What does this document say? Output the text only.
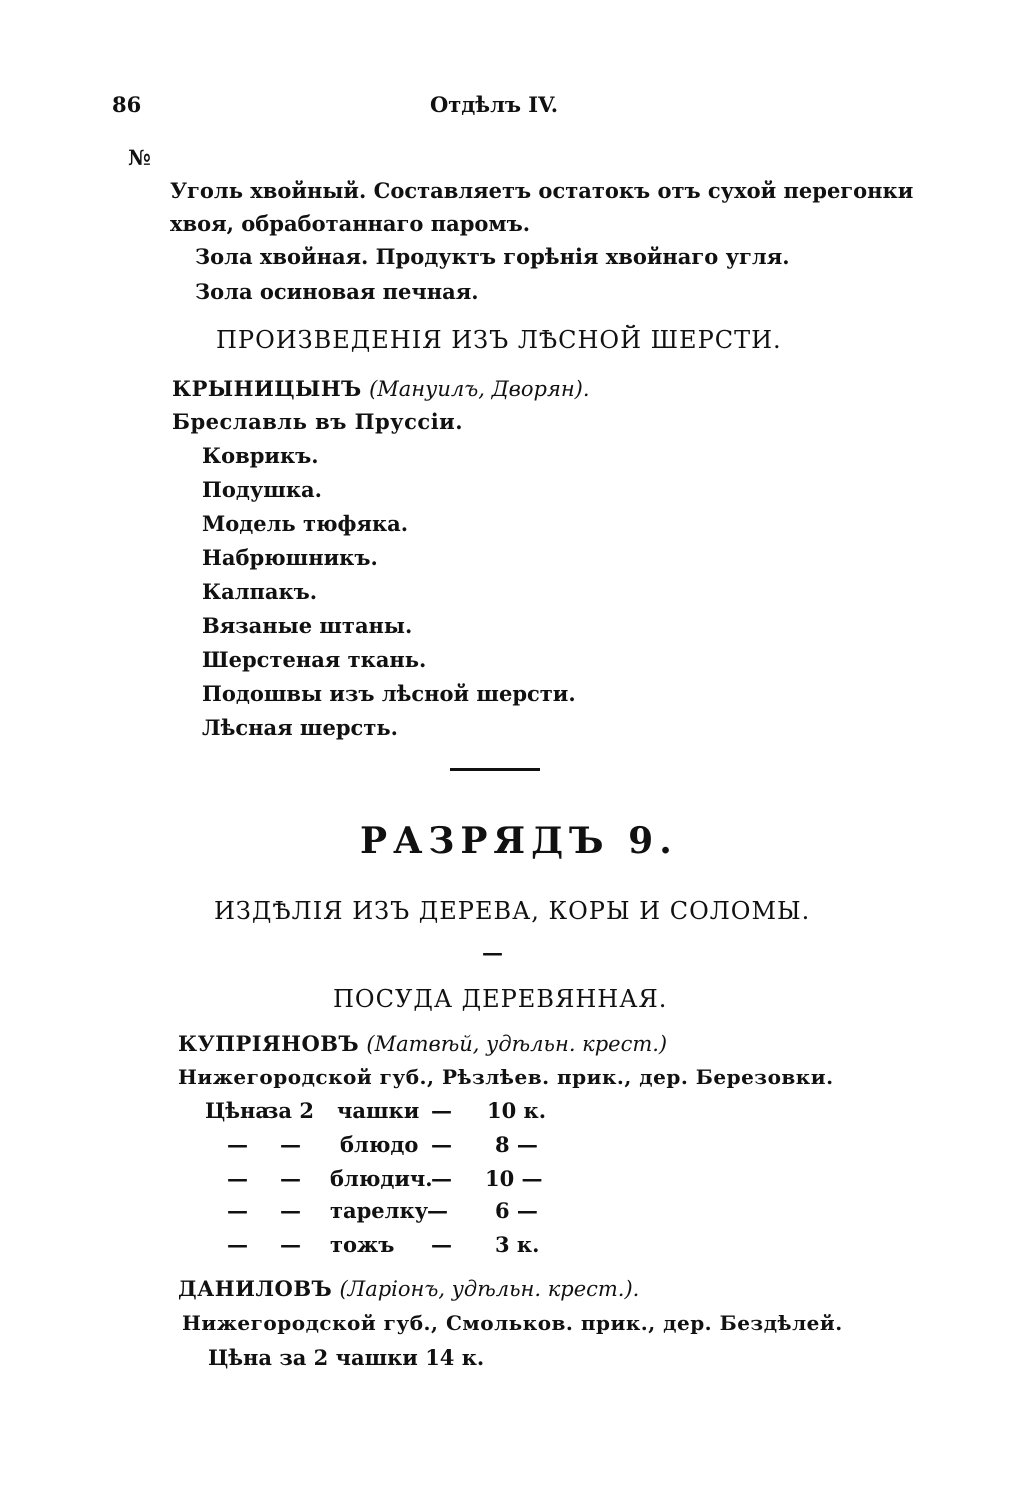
86	Отдѣлъ IV.
№
Уголь хвойный. Составляетъ остатокъ отъ сухой перегонки
хвоя, обработаннаго паромъ.
Зола хвойная. Продуктъ горѣнія хвойнаго угля.
Зола осиновая печная.
ПРОИЗВЕДЕНІЯ ИЗЪ ЛѢСНОЙ ШЕРСТИ.
КРЫНИЦЫНЪ (Мануилъ, Дворян).
Бреславль въ Пруссіи.
Коврикъ.
Подушка.
Модель тюфяка.
Набрюшникъ.
Калпакъ.
Вязаные штаны.
Шерстеная ткань.
Подошвы изъ лѣсной шерсти.
Лѣсная шерсть.
РАЗРЯДЪ 9.
ИЗДѢЛІЯ ИЗЪ ДЕРЕВА, КОРЫ И СОЛОМЫ.
—
ПОСУДА ДЕРЕВЯННАЯ.
КУПРІЯНОВЪ (Матвѣй, удѣльн. крест.)
Нижегородской губ., Рѣзлѣев. прик., дер. Березовки.
Цѣна
за 2 чашки — 10 к.
— — блюдо — 8 —
— — блюдич.
— 10 —
— — тарелку
— 6 —
— — тожъ — 3 к.
ДАНИЛОВЪ (Ларіонъ, удѣльн. крест.).
Нижегородской губ., Смольков. прик., дер. Бездѣлей.
Цѣна за 2 чашки 14 к.
